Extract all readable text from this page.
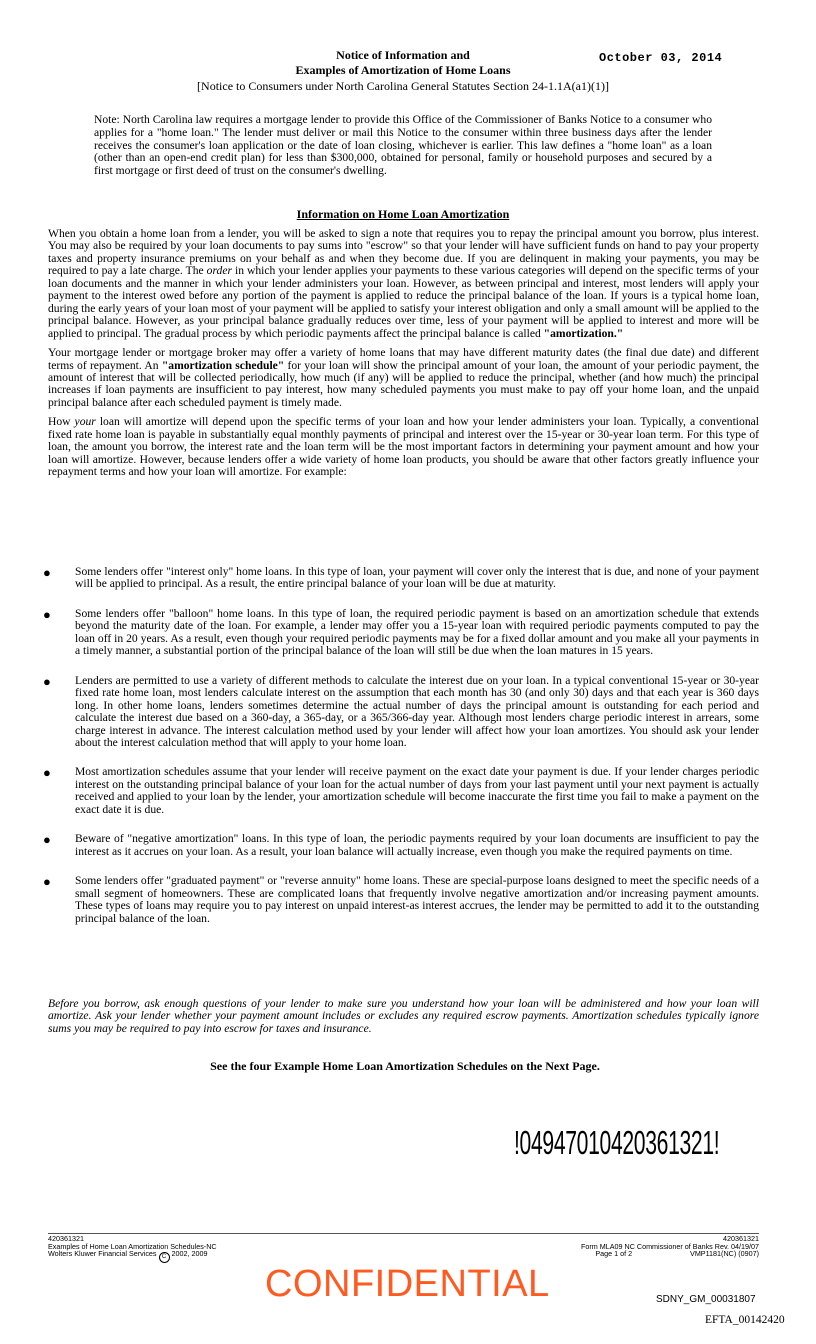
Notice of Information and
Examples of Amortization of Home Loans
[Notice to Consumers under North Carolina General Statutes Section 24-1.1A(a1)(1)]
October 03, 2014

Note: North Carolina law requires a mortgage lender to provide this Office of the Commissioner of Banks Notice to a consumer who applies for a "home loan." The lender must deliver or mail this Notice to the consumer within three business days after the lender receives the consumer's loan application or the date of loan closing, whichever is earlier. This law defines a "home loan" as a loan (other than an open-end credit plan) for less than $300,000, obtained for personal, family or household purposes and secured by a first mortgage or first deed of trust on the consumer's dwelling.

Information on Home Loan Amortization

When you obtain a home loan from a lender, you will be asked to sign a note that requires you to repay the principal amount you borrow, plus interest. You may also be required by your loan documents to pay sums into "escrow" so that your lender will have sufficient funds on hand to pay your property taxes and property insurance premiums on your behalf as and when they become due. If you are delinquent in making your payments, you may be required to pay a late charge. The order in which your lender applies your payments to these various categories will depend on the specific terms of your loan documents and the manner in which your lender administers your loan. However, as between principal and interest, most lenders will apply your payment to the interest owed before any portion of the payment is applied to reduce the principal balance of the loan. If yours is a typical home loan, during the early years of your loan most of your payment will be applied to satisfy your interest obligation and only a small amount will be applied to the principal balance. However, as your principal balance gradually reduces over time, less of your payment will be applied to interest and more will be applied to principal. The gradual process by which periodic payments affect the principal balance is called "amortization."

Your mortgage lender or mortgage broker may offer a variety of home loans that may have different maturity dates (the final due date) and different terms of repayment. An "amortization schedule" for your loan will show the principal amount of your loan, the amount of your periodic payment, the amount of interest that will be collected periodically, how much (if any) will be applied to reduce the principal, whether (and how much) the principal increases if loan payments are insufficient to pay interest, how many scheduled payments you must make to pay off your home loan, and the unpaid principal balance after each scheduled payment is timely made.

How your loan will amortize will depend upon the specific terms of your loan and how your lender administers your loan. Typically, a conventional fixed rate home loan is payable in substantially equal monthly payments of principal and interest over the 15-year or 30-year loan term. For this type of loan, the amount you borrow, the interest rate and the loan term will be the most important factors in determining your payment amount and how your loan will amortize. However, because lenders offer a wide variety of home loan products, you should be aware that other factors greatly influence your repayment terms and how your loan will amortize. For example:

● Some lenders offer "interest only" home loans. In this type of loan, your payment will cover only the interest that is due, and none of your payment will be applied to principal. As a result, the entire principal balance of your loan will be due at maturity.
● Some lenders offer "balloon" home loans. In this type of loan, the required periodic payment is based on an amortization schedule that extends beyond the maturity date of the loan. For example, a lender may offer you a 15-year loan with required periodic payments computed to pay the loan off in 20 years. As a result, even though your required periodic payments may be for a fixed dollar amount and you make all your payments in a timely manner, a substantial portion of the principal balance of the loan will still be due when the loan matures in 15 years.
● Lenders are permitted to use a variety of different methods to calculate the interest due on your loan. In a typical conventional 15-year or 30-year fixed rate home loan, most lenders calculate interest on the assumption that each month has 30 (and only 30) days and that each year is 360 days long. In other home loans, lenders sometimes determine the actual number of days the principal amount is outstanding for each period and calculate the interest due based on a 360-day, a 365-day, or a 365/366-day year. Although most lenders charge periodic interest in arrears, some charge interest in advance. The interest calculation method used by your lender will affect how your loan amortizes. You should ask your lender about the interest calculation method that will apply to your home loan.
● Most amortization schedules assume that your lender will receive payment on the exact date your payment is due. If your lender charges periodic interest on the outstanding principal balance of your loan for the actual number of days from your last payment until your next payment is actually received and applied to your loan by the lender, your amortization schedule will become inaccurate the first time you fail to make a payment on the exact date it is due.
● Beware of "negative amortization" loans. In this type of loan, the periodic payments required by your loan documents are insufficient to pay the interest as it accrues on your loan. As a result, your loan balance will actually increase, even though you make the required payments on time.
● Some lenders offer "graduated payment" or "reverse annuity" home loans. These are special-purpose loans designed to meet the specific needs of a small segment of homeowners. These are complicated loans that frequently involve negative amortization and/or increasing payment amounts. These types of loans may require you to pay interest on unpaid interest-as interest accrues, the lender may be permitted to add it to the outstanding principal balance of the loan.

Before you borrow, ask enough questions of your lender to make sure you understand how your loan will be administered and how your loan will amortize. Ask your lender whether your payment amount includes or excludes any required escrow payments. Amortization schedules typically ignore sums you may be required to pay into escrow for taxes and insurance.

See the four Example Home Loan Amortization Schedules on the Next Page.
!04947010420361321!
420361321
Examples of Home Loan Amortization Schedules-NC
Wolters Kluwer Financial Services C 2002, 2009
420361321
Form MLA09 NC Commissioner of Banks Rev. 04/19/07
Page 1 of 2                             VMP1181(NC) (0907)
CONFIDENTIAL	SDNY_GM_00031807
EFTA_00142420
